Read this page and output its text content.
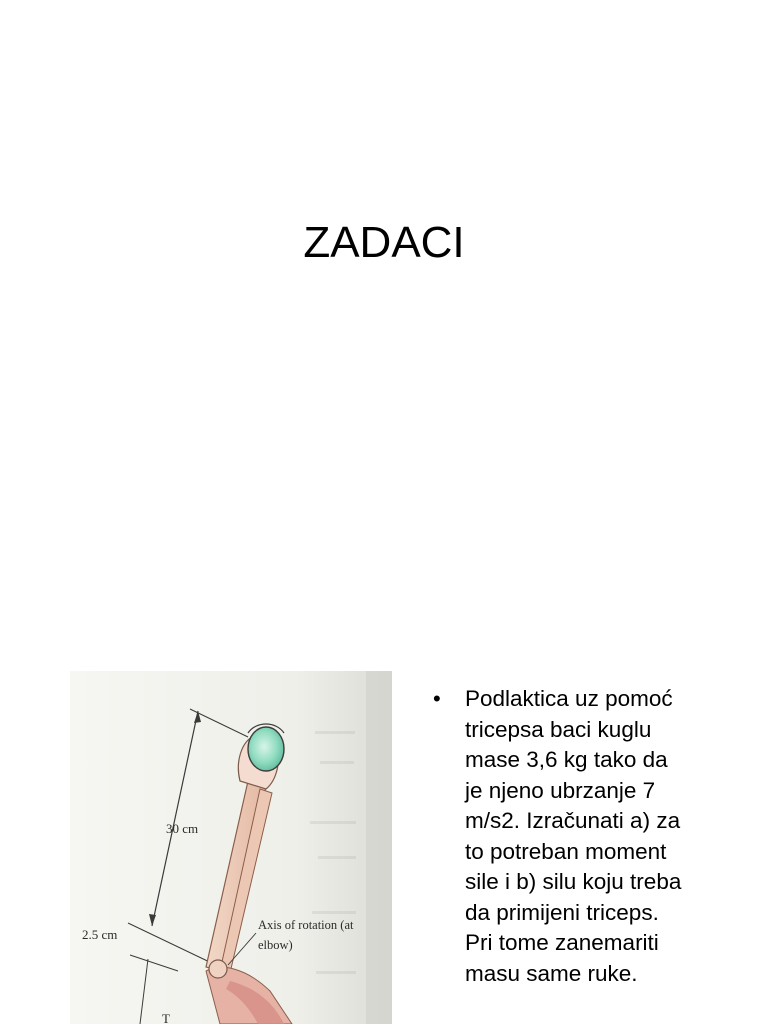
ZADACI
30 cm
2.5 cm
Axis of rotation (at
elbow)
T
• Podlaktica uz pomoć
tricepsa baci kuglu
mase 3,6 kg tako da
je njeno ubrzanje 7
m/s2. Izračunati a) za
to potreban moment
sile i b) silu koju treba
da primijeni triceps.
Pri tome zanemariti
masu same ruke.
